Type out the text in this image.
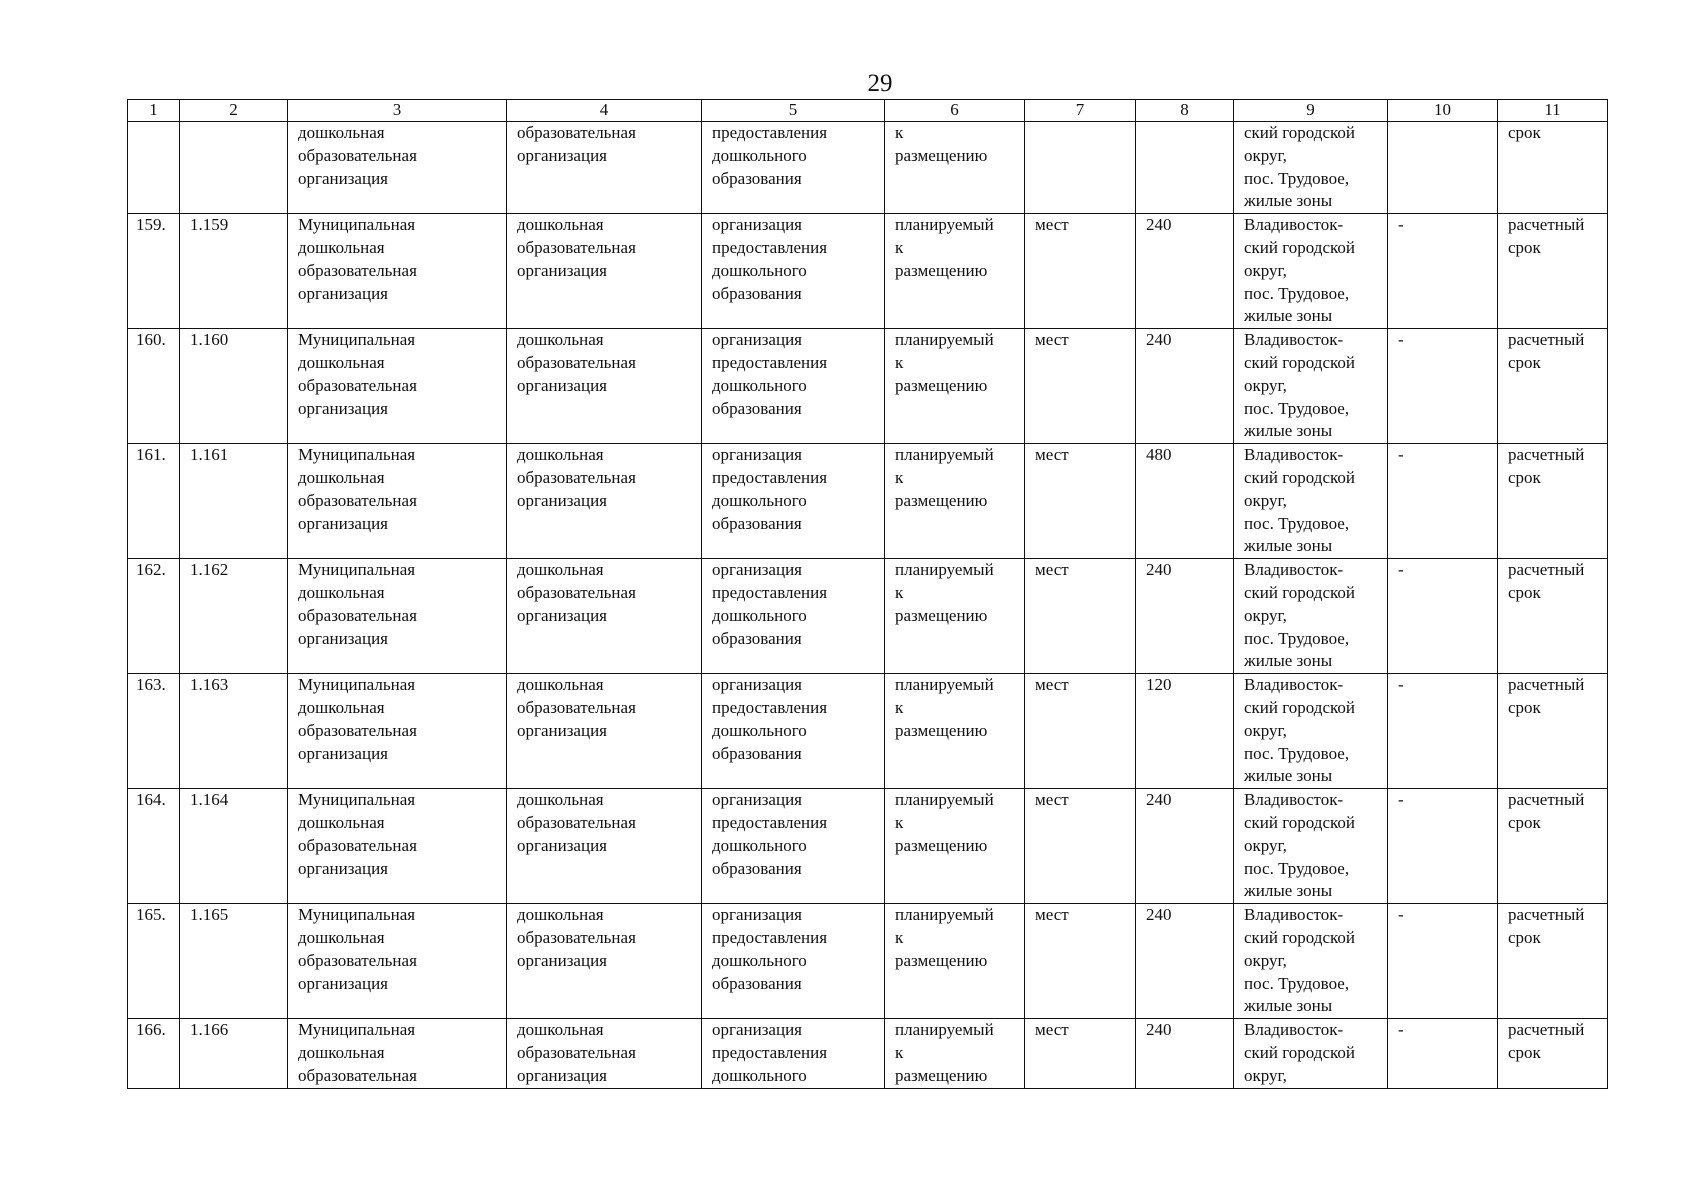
29
1	2	3	4	5	6	7	8	9	10	11

		дошкольная
образовательная
организация	образовательная
организация	предоставления
дошкольного
образования	к
размещению			ский городской
округ,
пос. Трудовое,
жилые зоны		срок

159.	1.159	Муниципальная
дошкольная
образовательная
организация	дошкольная
образовательная
организация	организация
предоставления
дошкольного
образования	планируемый
к
размещению	мест	240	Владивосток-
ский городской
округ,
пос. Трудовое,
жилые зоны	-	расчетный
срок

160.	1.160	Муниципальная
дошкольная
образовательная
организация	дошкольная
образовательная
организация	организация
предоставления
дошкольного
образования	планируемый
к
размещению	мест	240	Владивосток-
ский городской
округ,
пос. Трудовое,
жилые зоны	-	расчетный
срок

161.	1.161	Муниципальная
дошкольная
образовательная
организация	дошкольная
образовательная
организация	организация
предоставления
дошкольного
образования	планируемый
к
размещению	мест	480	Владивосток-
ский городской
округ,
пос. Трудовое,
жилые зоны	-	расчетный
срок

162.	1.162	Муниципальная
дошкольная
образовательная
организация	дошкольная
образовательная
организация	организация
предоставления
дошкольного
образования	планируемый
к
размещению	мест	240	Владивосток-
ский городской
округ,
пос. Трудовое,
жилые зоны	-	расчетный
срок

163.	1.163	Муниципальная
дошкольная
образовательная
организация	дошкольная
образовательная
организация	организация
предоставления
дошкольного
образования	планируемый
к
размещению	мест	120	Владивосток-
ский городской
округ,
пос. Трудовое,
жилые зоны	-	расчетный
срок

164.	1.164	Муниципальная
дошкольная
образовательная
организация	дошкольная
образовательная
организация	организация
предоставления
дошкольного
образования	планируемый
к
размещению	мест	240	Владивосток-
ский городской
округ,
пос. Трудовое,
жилые зоны	-	расчетный
срок

165.	1.165	Муниципальная
дошкольная
образовательная
организация	дошкольная
образовательная
организация	организация
предоставления
дошкольного
образования	планируемый
к
размещению	мест	240	Владивосток-
ский городской
округ,
пос. Трудовое,
жилые зоны	-	расчетный
срок

166.	1.166	Муниципальная
дошкольная
образовательная	дошкольная
образовательная
организация	организация
предоставления
дошкольного	планируемый
к
размещению	мест	240	Владивосток-
ский городской
округ,	-	расчетный
срок
